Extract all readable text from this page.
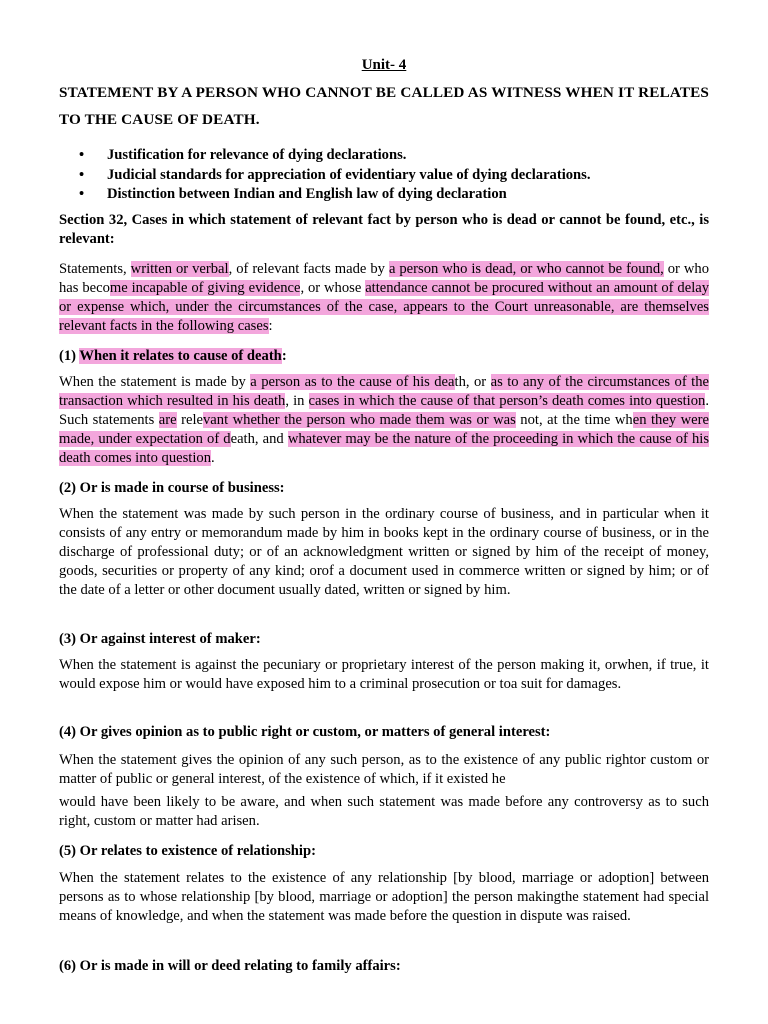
Unit- 4
STATEMENT BY A PERSON WHO CANNOT BE CALLED AS WITNESS WHEN IT RELATES TO THE CAUSE OF DEATH.
• Justification for relevance of dying declarations.
• Judicial standards for appreciation of evidentiary value of dying declarations.
• Distinction between Indian and English law of dying declaration
Section 32, Cases in which statement of relevant fact by person who is dead or cannot be found, etc., is relevant:
Statements, written or verbal, of relevant facts made by a person who is dead, or who cannot be found, or who has become incapable of giving evidence, or whose attendance cannot be procured without an amount of delay or expense which, under the circumstances of the case, appears to the Court unreasonable, are themselves relevant facts in the following cases:
(1) When it relates to cause of death:
When the statement is made by a person as to the cause of his death, or as to any of the circumstances of the transaction which resulted in his death, in cases in which the cause of that person’s death comes into question. Such statements are relevant whether the person who made them was or was not, at the time when they were made, under expectation of death, and whatever may be the nature of the proceeding in which the cause of his death comes into question.
(2) Or is made in course of business:
When the statement was made by such person in the ordinary course of business, and in particular when it consists of any entry or memorandum made by him in books kept in the ordinary course of business, or in the discharge of professional duty; or of an acknowledgment written or signed by him of the receipt of money, goods, securities or property of any kind; orof a document used in commerce written or signed by him; or of the date of a letter or other document usually dated, written or signed by him.
(3) Or against interest of maker:
When the statement is against the pecuniary or proprietary interest of the person making it, orwhen, if true, it would expose him or would have exposed him to a criminal prosecution or toa suit for damages.
(4) Or gives opinion as to public right or custom, or matters of general interest:
When the statement gives the opinion of any such person, as to the existence of any public rightor custom or matter of public or general interest, of the existence of which, if it existed he
would have been likely to be aware, and when such statement was made before any controversy as to such right, custom or matter had arisen.
(5) Or relates to existence of relationship:
When the statement relates to the existence of any relationship [by blood, marriage or adoption] between persons as to whose relationship [by blood, marriage or adoption] the person makingthe statement had special means of knowledge, and when the statement was made before the question in dispute was raised.
(6) Or is made in will or deed relating to family affairs:
